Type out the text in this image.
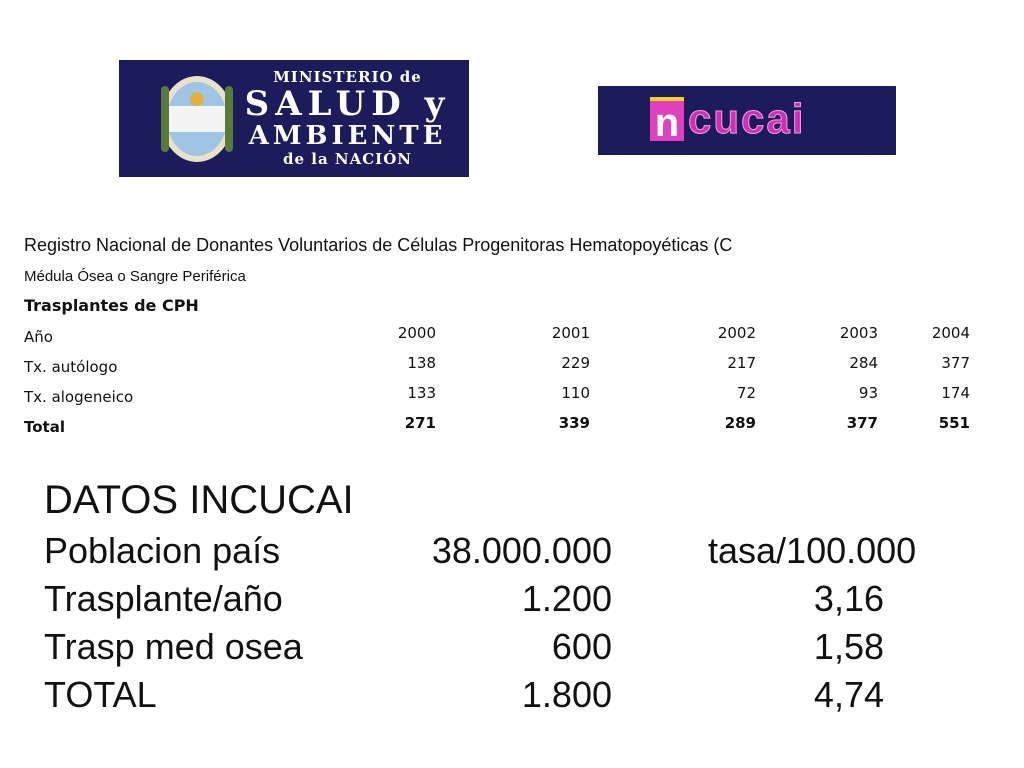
MINISTERIO de
SALUD y
AMBIENTE
de la NACIÓN
n cucai
Registro Nacional de Donantes Voluntarios de Células Progenitoras Hematopoyéticas (C
Médula Ósea o Sangre Periférica
Trasplantes de CPH
Año	2000	2001	2002	2003	2004
Tx. autólogo	138	229	217	284	377
Tx. alogeneico	133	110	72	93	174
Total	271	339	289	377	551
DATOS INCUCAI
Poblacion país	38.000.000	tasa/100.000
Trasplante/año	1.200	3,16
Trasp med osea	600	1,58
TOTAL	1.800	4,74
